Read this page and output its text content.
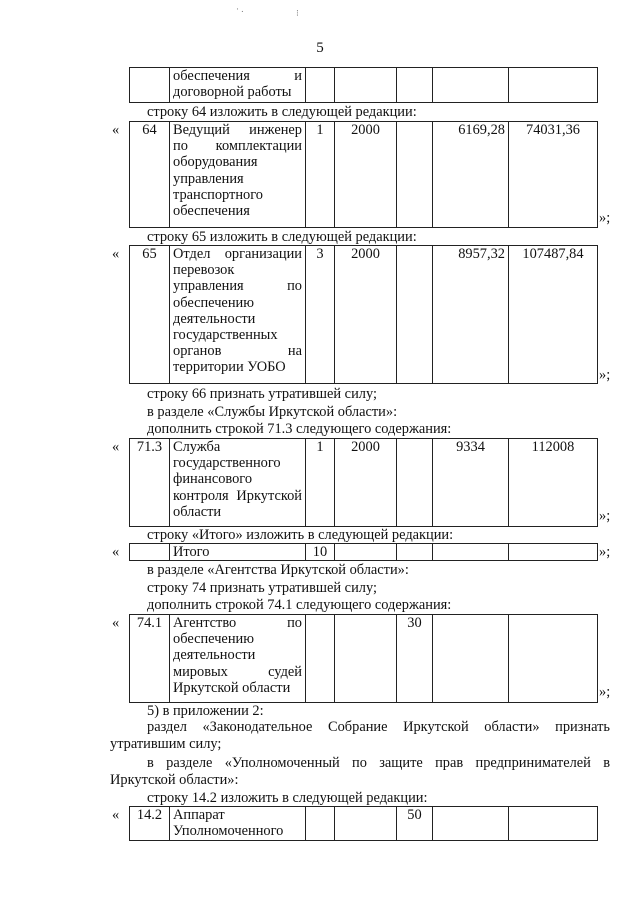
· .	⁝
5
	обеспечения и договорной работы					
строку 64 изложить в следующей редакции:
« 64	Ведущий инженер по комплектации оборудования управления транспортного обеспечения	1	2000		6169,28	74031,36
»;
строку 65 изложить в следующей редакции:
« 65	Отдел организации перевозок управления по обеспечению деятельности государственных органов на территории УОБО	3	2000		8957,32	107487,84
»;
строку 66 признать утратившей силу;
в разделе «Службы Иркутской области»:
дополнить строкой 71.3 следующего содержания:
« 71.3	Служба государственного финансового контроля Иркутской области	1	2000		9334	112008
»;
строку «Итого» изложить в следующей редакции:
«
		Итого	10					»;
в разделе «Агентства Иркутской области»:
строку 74 признать утратившей силу;
дополнить строкой 74.1 следующего содержания:
« 74.1	Агентство по обеспечению деятельности мировых судей Иркутской области			30		
»;
5) в приложении 2:
раздел «Законодательное Собрание Иркутской области» признать утратившим силу;
в разделе «Уполномоченный по защите прав предпринимателей в Иркутской области»:
строку 14.2 изложить в следующей редакции:
« 14.2	Аппарат Уполномоченного			50		
